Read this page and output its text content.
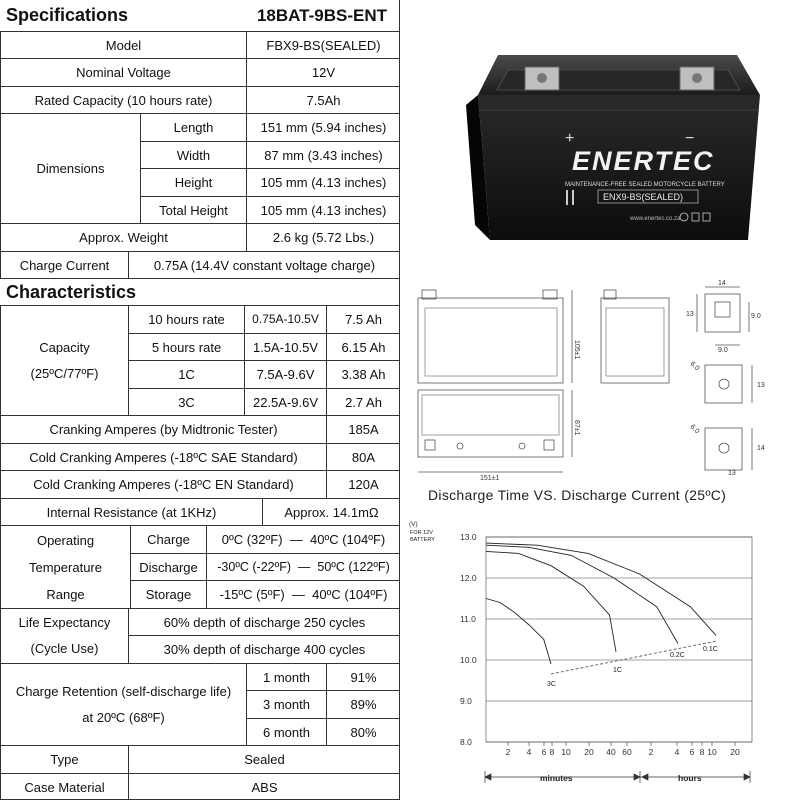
Specifications	18BAT-9BS-ENT
Model	FBX9-BS(SEALED)
Nominal Voltage	12V
Rated Capacity (10 hours rate)	7.5Ah
Dimensions
Length	151 mm (5.94 inches)
Width	87 mm (3.43 inches)
Height	105 mm (4.13 inches)
Total Height	105 mm (4.13 inches)
Approx. Weight	2.6 kg (5.72 Lbs.)
Charge Current	0.75A (14.4V constant voltage charge)
Characteristics
Capacity
(25ºC/77ºF)
10 hours rate	0.75A-10.5V	7.5 Ah
5 hours rate	1.5A-10.5V	6.15 Ah
1C	7.5A-9.6V	3.38 Ah
3C	22.5A-9.6V	2.7 Ah
Cranking Amperes (by Midtronic Tester)	185A
Cold Cranking Amperes (-18ºC SAE Standard)	80A
Cold Cranking Amperes (-18ºC EN Standard)	120A
Internal Resistance (at 1KHz)	Approx. 14.1mΩ
Operating
Temperature
Range
Charge	0ºC (32ºF)  —  40ºC (104ºF)
Discharge	-30ºC (-22ºF)  —  50ºC (122ºF)
Storage	-15ºC (5ºF)  —  40ºC (104ºF)
Life Expectancy
(Cycle Use)
60% depth of discharge 250 cycles
30% depth of discharge 400 cycles
Charge Retention (self-discharge life)
at 20ºC (68ºF)
1 month	91%
3 month	89%
6 month	80%
Type	Sealed
Case Material	ABS
+	−
ENERTEC
MAINTENANCE-FREE SEALED MOTORCYCLE BATTERY
ENX9-BS(SEALED)
www.enertec.co.za
105±1
87±1
151±1
14
13	9.0
9.0
6.0
13
6.0
14
13
Discharge Time VS. Discharge Current (25ºC)
(V)
FOR 12V
BATTERY	13.0
12.0
11.0
10.0
9.0
8.0
2 4 6 8 10 20 40 60 2	4 6 8 10 20
3C
1C
0.2C
0.1C
minutes	hours
